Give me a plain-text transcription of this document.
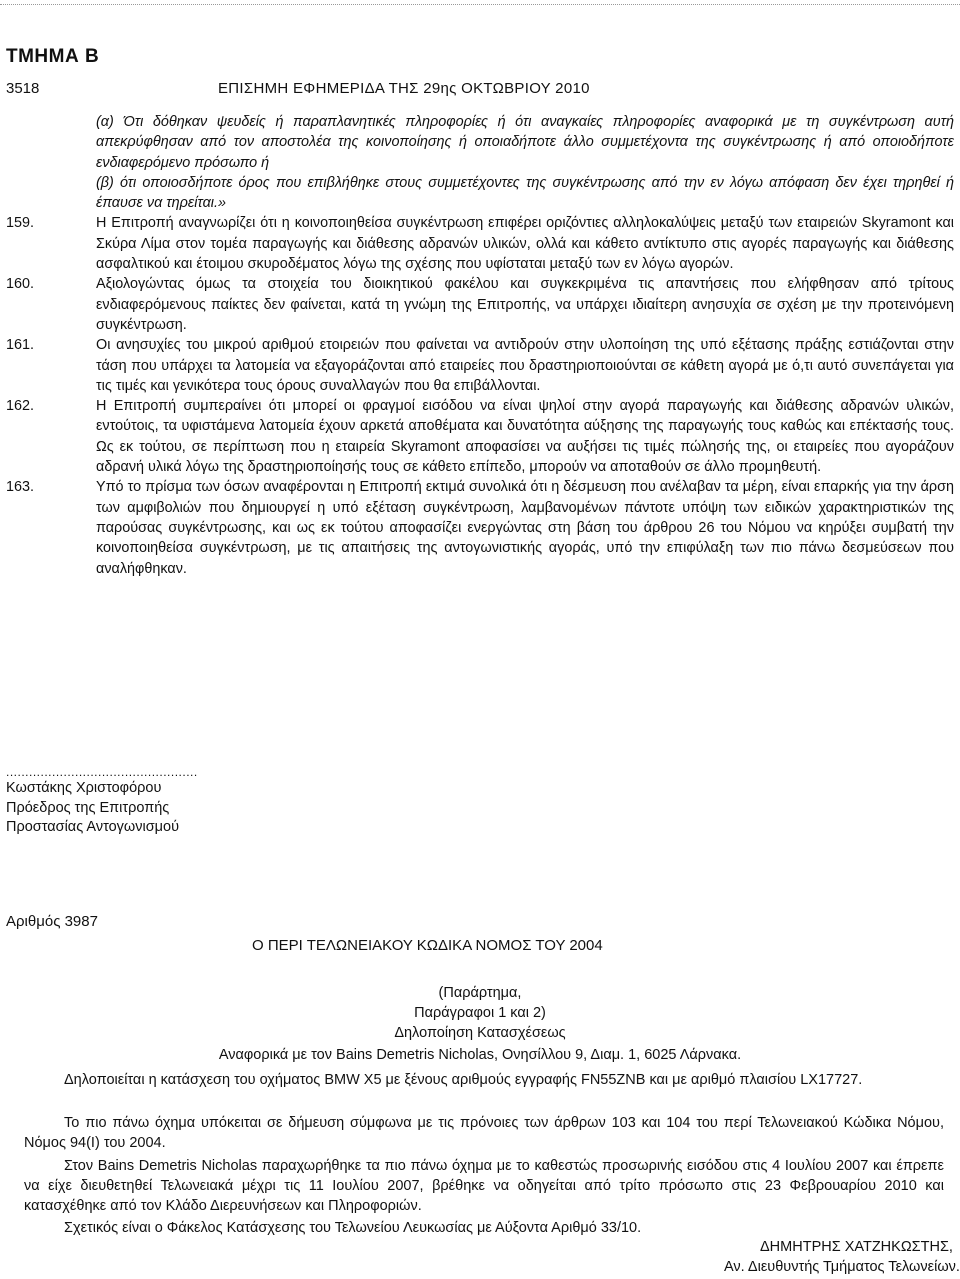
ΤΜΗΜΑ Β
3518	ΕΠΙΣΗΜΗ ΕΦΗΜΕΡΙΔΑ ΤΗΣ 29ης ΟΚΤΩΒΡΙΟΥ 2010

(α) Ότι δόθηκαν ψευδείς ή παραπλανητικές πληροφορίες ή ότι αναγκαίες πληροφορίες αναφορικά με τη συγκέντρωση αυτή απεκρύφθησαν από τον αποστολέα της κοινοποίησης ή οποιαδήποτε άλλο συμμετέχοντα της συγκέντρωσης ή από οποιοδήποτε ενδιαφερόμενο πρόσωπο ή

(β) ότι οποιοσδήποτε όρος που επιβλήθηκε στους συμμετέχοντες της συγκέντρωσης από την εν λόγω απόφαση δεν έχει τηρηθεί ή έπαυσε να τηρείται.»

159.	Η Επιτροπή αναγνωρίζει ότι η κοινοποιηθείσα συγκέντρωση επιφέρει οριζόντιες αλληλοκαλύψεις μεταξύ των εταιρειών Skyramont και Σκύρα Λίμα στον τομέα παραγωγής και διάθεσης αδρανών υλικών, ολλά και κάθετο αντίκτυπο στις αγορές παραγωγής και διάθεσης ασφαλτικού και έτοιμου σκυροδέματος λόγω της σχέσης που υφίσταται μεταξύ των εν λόγω αγορών.

160.	Αξιολογώντας όμως τα στοιχεία του διοικητικού φακέλου και συγκεκριμένα τις απαντήσεις που ελήφθησαν από τρίτους ενδιαφερόμενους παίκτες δεν φαίνεται, κατά τη γνώμη της Επιτροπής, να υπάρχει ιδιαίτερη ανησυχία σε σχέση με την προτεινόμενη συγκέντρωση.

161.	Οι ανησυχίες του μικρού αριθμού ετοιρειών που φαίνεται να αντιδρούν στην υλοποίηση της υπό εξέτασης πράξης εστιάζονται στην τάση που υπάρχει τα λατομεία να εξαγοράζονται από εταιρείες που δραστηριοποιούνται σε κάθετη αγορά με ό,τι αυτό συνεπάγεται για τις τιμές και γενικότερα τους όρους συναλλαγών που θα επιβάλλονται.

162.	Η Επιτροπή συμπεραίνει ότι μπορεί οι φραγμοί εισόδου να είναι ψηλοί στην αγορά παραγωγής και διάθεσης αδρανών υλικών, εντούτοις, τα υφιστάμενα λατομεία έχουν αρκετά αποθέματα και δυνατότητα αύξησης της παραγωγής τους καθώς και επέκτασής τους. Ως εκ τούτου, σε περίπτωση που η εταιρεία Skyramont αποφασίσει να αυξήσει τις τιμές πώλησής της, οι εταιρείες που αγοράζουν αδρανή υλικά λόγω της δραστηριοποίησής τους σε κάθετο επίπεδο, μπορούν να αποταθούν σε άλλο προμηθευτή.

163.	Υπό το πρίσμα των όσων αναφέρονται η Επιτροπή εκτιμά συνολικά ότι η δέσμευση που ανέλαβαν τα μέρη, είναι επαρκής για την άρση των αμφιβολιών που δημιουργεί η υπό εξέταση συγκέντρωση, λαμβανομένων πάντοτε υπόψη των ειδικών χαρακτηριστικών της παρούσας συγκέντρωσης, και ως εκ τούτου αποφασίζει ενεργώντας στη βάση του άρθρου 26 του Νόμου να κηρύξει συμβατή την κοινοποιηθείσα συγκέντρωση, με τις απαιτήσεις της αντογωνιστικής αγοράς, υπό την επιφύλαξη των πιο πάνω δεσμεύσεων που αναλήφθηκαν.

..................................................
Κωστάκης Χριστοφόρου
Πρόεδρος της Επιτροπής
Προστασίας Αντογωνισμού
Αριθμός 3987
Ο ΠΕΡΙ ΤΕΛΩΝΕΙΑΚΟΥ ΚΩΔΙΚΑ ΝΟΜΟΣ ΤΟΥ 2004
(Παράρτημα,
Παράγραφοι 1 και 2)
Δηλοποίηση Κατασχέσεως
Αναφορικά με τον Bains Demetris Nicholas, Ονησίλλου 9, Διαμ. 1, 6025 Λάρνακα.
Δηλοποιείται η κατάσχεση του οχήματος BMW X5 με ξένους αριθμούς εγγραφής FN55ZNB και με αριθμό πλαισίου LX17727.
Το πιο πάνω όχημα υπόκειται σε δήμευση σύμφωνα με τις πρόνοιες των άρθρων 103 και 104 του περί Τελωνειακού Κώδικα Νόμου, Νόμος 94(Ι) του 2004.
Στον Bains Demetris Nicholas παραχωρήθηκε τα πιο πάνω όχημα με το καθεστώς προσωρινής εισόδου στις 4 Ιουλίου 2007 και έπρεπε να είχε διευθετηθεί Τελωνειακά μέχρι τις 11 Ιουλίου 2007, βρέθηκε να οδηγείται από τρίτο πρόσωπο στις 23 Φεβρουαρίου 2010 και κατασχέθηκε από τον Κλάδο Διερευνήσεων και Πληροφοριών.
Σχετικός είναι ο Φάκελος Κατάσχεσης του Τελωνείου Λευκωσίας με Αύξοντα Αριθμό 33/10.
ΔΗΜΗΤΡΗΣ ΧΑΤΖΗΚΩΣΤΗΣ,
Αν. Διευθυντής Τμήματος Τελωνείων.
